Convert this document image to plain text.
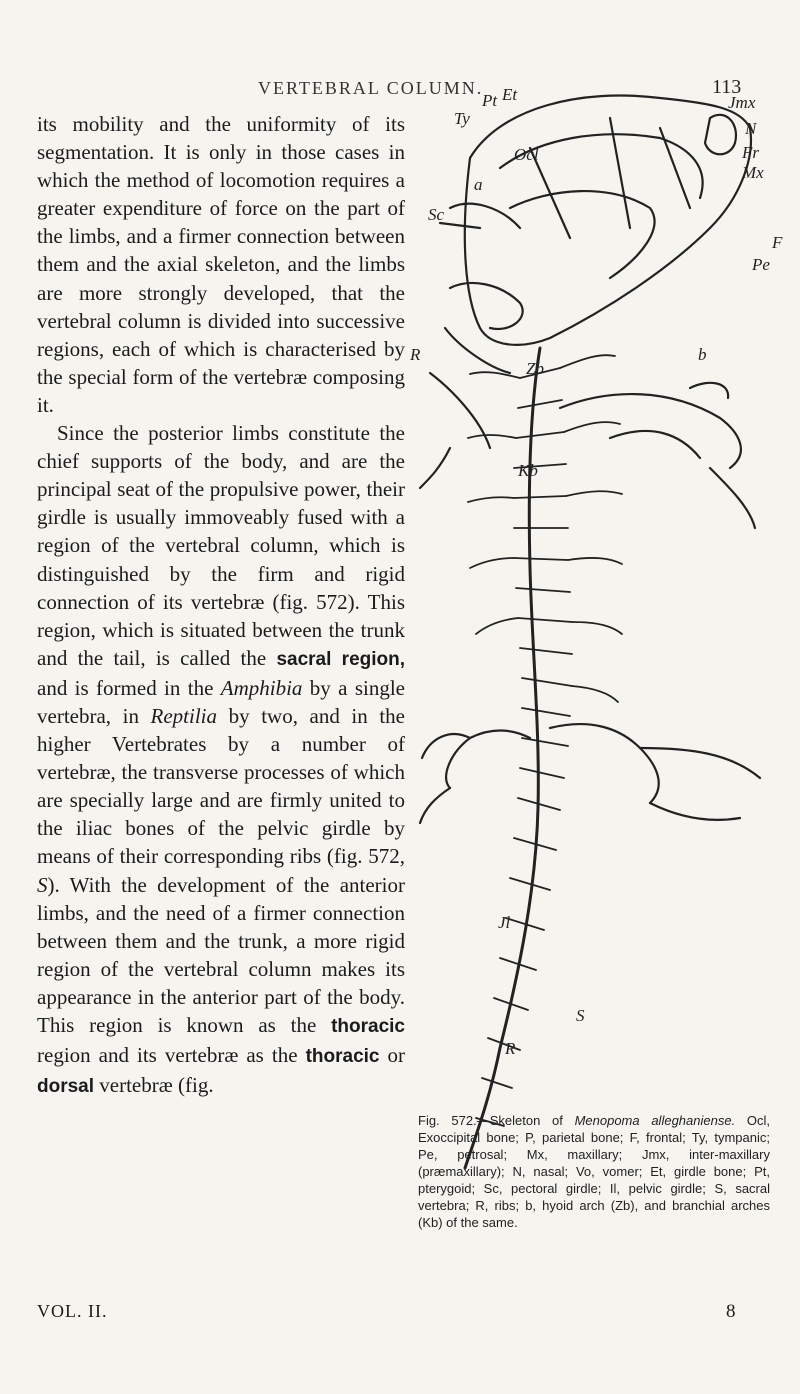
VERTEBRAL COLUMN.	113

its mobility and the uniformity of its segmentation. It is only in those cases in which the method of locomotion requires a greater expenditure of force on the part of the limbs, and a firmer connection between them and the axial skeleton, and the limbs are more strongly developed, that the vertebral column is divided into successive regions, each of which is characterised by the special form of the vertebræ composing it.

Since the posterior limbs constitute the chief supports of the body, and are the principal seat of the propulsive power, their girdle is usually immoveably fused with a region of the vertebral column, which is distinguished by the firm and rigid connection of its vertebræ (fig. 572). This region, which is situated between the trunk and the tail, is called the sacral region, and is formed in the Amphibia by a single vertebra, in Reptilia by two, and in the higher Vertebrates by a number of vertebræ, the transverse processes of which are specially large and are firmly united to the iliac bones of the pelvic girdle by means of their corresponding ribs (fig. 572, S). With the development of the anterior limbs, and the need of a firmer connection between them and the trunk, a more rigid region of the vertebral column makes its appearance in the anterior part of the body. This region is known as the thoracic region and its vertebræ as the thoracic or dorsal vertebræ (fig.

Pt Et
Ty
Jmx
N
Fr
Mx
Ocl
a
Sc
F
Pe
R
Zb
b
Kb
Jl
S
R
Fig. 572.—Skeleton of Menopoma alleghaniense. Ocl, Exoccipital bone; P, parietal bone; F, frontal; Ty, tympanic; Pe, petrosal; Mx, maxillary; Jmx, inter-maxillary (præmaxillary); N, nasal; Vo, vomer; Et, girdle bone; Pt, pterygoid; Sc, pectoral girdle; Il, pelvic girdle; S, sacral vertebra; R, ribs; b, hyoid arch (Zb), and branchial arches (Kb) of the same.
VOL. II.	8
